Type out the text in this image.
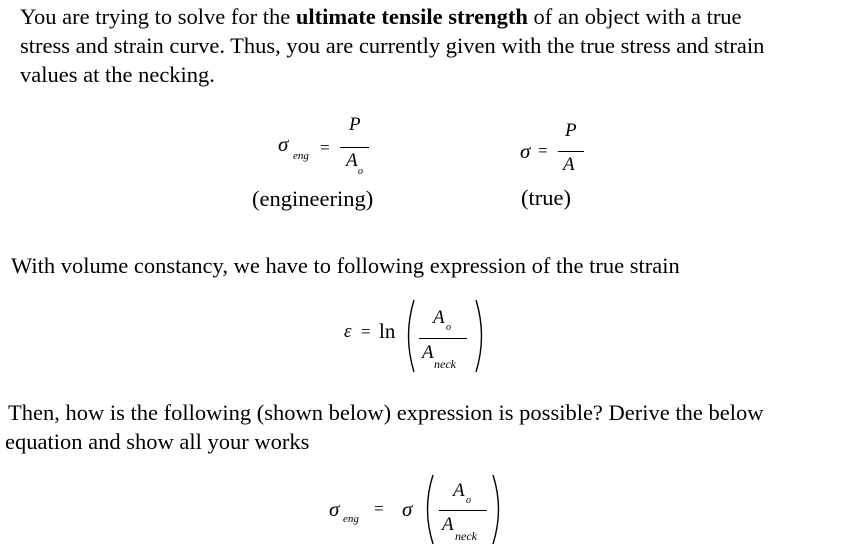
You are trying to solve for the ultimate tensile strength of an object with a true

stress and strain curve. Thus, you are currently given with the true stress and strain

values at the necking.

σ eng =
P
A
o
(engineering)
σ =
P
A
(true)

With volume constancy, we have to following expression of the true strain

ε = ln
A o
A
neck

Then, how is the following (shown below) expression is possible? Derive the below

equation and show all your works

σ eng
= σ
A o
A
neck
